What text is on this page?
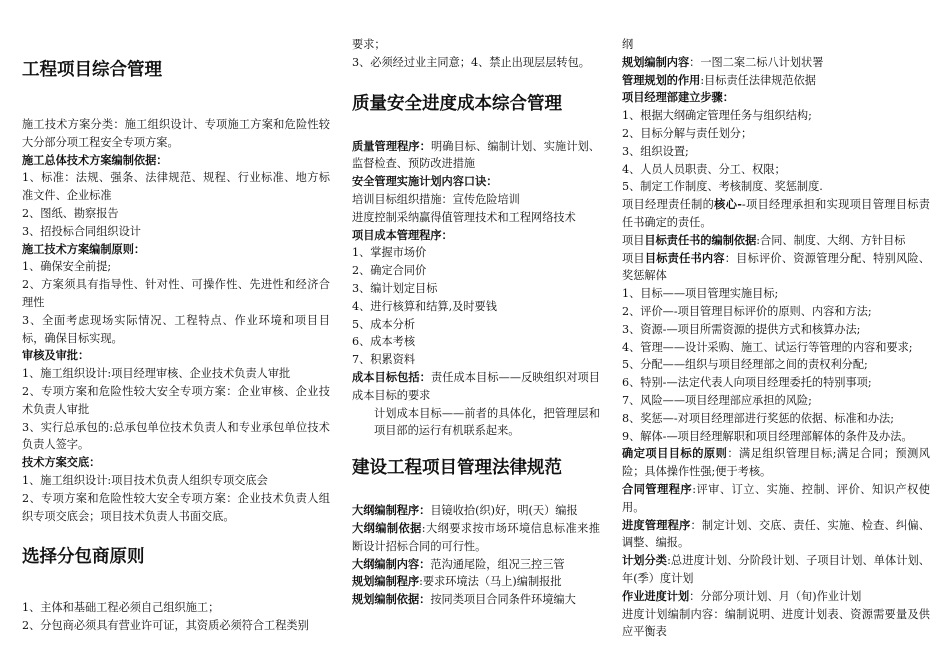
工程项目综合管理

施工技术方案分类：施工组织设计、专项施工方案和危险性较大分部分项工程安全专项方案。

施工总体技术方案编制依据：

1、标准：法规、强条、法律规范、规程、行业标准、地方标准文件、企业标准

2、图纸、勘察报告

3、招投标合同组织设计

施工技术方案编制原则：

1、确保安全前提;

2、方案须具有指导性、针对性、可操作性、先进性和经济合理性

3、全面考虑现场实际情况、工程特点、作业环境和项目目标，确保目标实现。

审核及审批：

1、施工组织设计:项目经理审核、企业技术负责人审批

2、专项方案和危险性较大安全专项方案：企业审核、企业技术负责人审批

3、实行总承包的:总承包单位技术负责人和专业承包单位技术负责人签字。

技术方案交底：

1、施工组织设计:项目技术负责人组织专项交底会

2、专项方案和危险性较大安全专项方案：企业技术负责人组织专项交底会；项目技术负责人书面交底。

选择分包商原则

1、主体和基础工程必须自己组织施工；

2、分包商必须具有营业许可证，其资质必须符合工程类别

要求；

3、必须经过业主同意；4、禁止出现层层转包。

质量安全进度成本综合管理

质量管理程序：明确目标、编制计划、实施计划、监督检查、预防改进措施

安全管理实施计划内容口诀：

培训目标组织措施：宣传危险培训

进度控制采纳赢得值管理技术和工程网络技术

项目成本管理程序：

1、掌握市场价

2、确定合同价

3、编计划定目标

4、进行核算和结算,及时要钱

5、成本分析

6、成本考核

7、积累资料

成本目标包括：责任成本目标——反映组织对项目成本目标的要求

计划成本目标——前者的具体化，把管理层和项目部的运行有机联系起来。

建设工程项目管理法律规范

大纲编制程序：目镜收拾(织)好，明(天）编报

大纲编制依据:大纲要求按市场环境信息标准来推断设计招标合同的可行性。

大纲编制内容：范沟通尾险，组况三控三管

规划编制程序:要求环境法（马上)编制报批

规划编制依据：按同类项目合同条件环境编大

纲

规划编制内容：一图二案二标八计划状署

管理规划的作用:目标责任法律规范依据

项目经理部建立步骤：

1、根据大纲确定管理任务与组织结构;

2、目标分解与责任划分；

3、组织设置;

4、人员人员职责、分工、权限；

5、制定工作制度、考核制度、奖惩制度.

项目经理责任制的核心--项目经理承担和实现项目管理目标责任书确定的责任。

项目目标责任书的编制依据:合同、制度、大纲、方针目标

项目目标责任书内容：目标评价、资源管理分配、特别风险、奖惩解体

1、目标——项目管理实施目标;

2、评价—-项目管理目标评价的原则、内容和方法;

3、资源-—项目所需资源的提供方式和核算办法;

4、管理——设计采购、施工、试运行等管理的内容和要求;

5、分配——组织与项目经理部之间的责权利分配;

6、特别-—法定代表人向项目经理委托的特别事项;

7、风险——项目经理部应承担的风险;

8、奖惩—-对项目经理部进行奖惩的依据、标准和办法;

9、解体-—项目经理解职和项目经理部解体的条件及办法。

确定项目目标的原则：满足组织管理目标;满足合同；预测风险；具体操作性强;便于考核。

合同管理程序:评审、订立、实施、控制、评价、知识产权使用。

进度管理程序：制定计划、交底、责任、实施、检查、纠偏、调整、编报。

计划分类:总进度计划、分阶段计划、子项目计划、单体计划、年(季）度计划

作业进度计划：分部分项计划、月（旬)作业计划

进度计划编制内容：编制说明、进度计划表、资源需要量及供应平衡表
